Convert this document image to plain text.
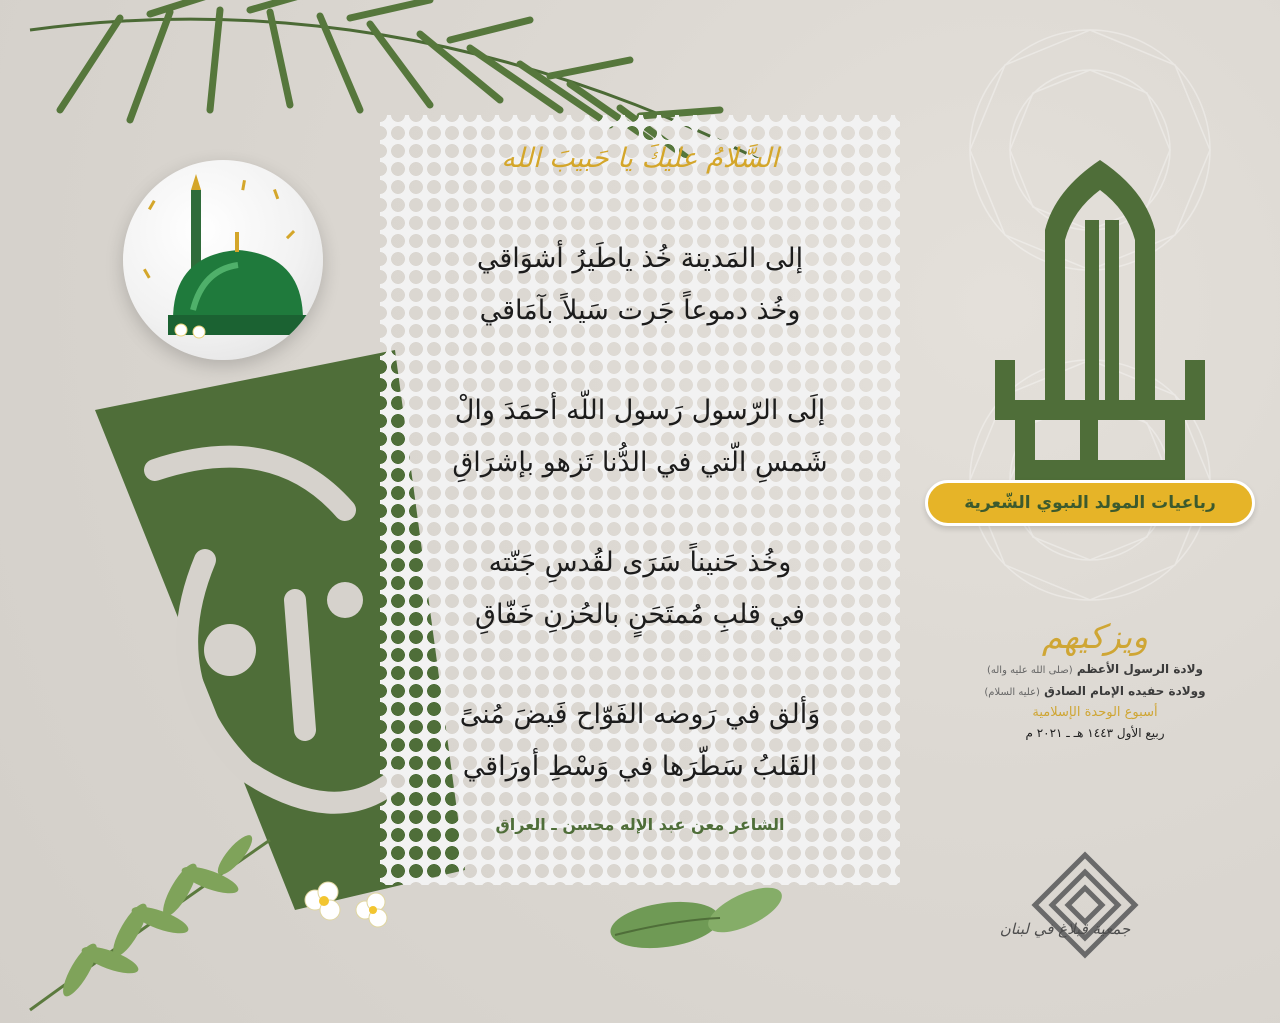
السَّلامُ عليكَ يا حَبيبَ الله
إلى المَدينة خُذ ياطَيرُ أشوَاقي
وخُذ دموعاً جَرت سَيلاً بآمَاقي
إلَى الرّسول رَسول اللّه أحمَدَ والْ
شَمسِ الّتي في الدُّنا تَزهو بإشرَاقِ
وخُذ حَنيناً سَرَى لقُدسِ جَنّته
في قلبِ مُمتَحَنٍ بالحُزنِ خَفّاقِ
وَألق في رَوضه الفَوّاح فَيضَ مُنىً
القَلبُ سَطّرَها في وَسْطِ أورَاقي
الشاعر معن عبد الإله محسن ـ العراق
رباعيات المولد النبوي الشّعرية
ويزكيهم
ولادة الرسول الأعظم (صلى الله عليه واله)
وولادة حفيده الإمام الصادق (عليه السلام)
أسبوع الوحدة الإسلامية
ربيع الأول ١٤٤٣ هـ ـ ٢٠٢١ م
جمعية قبلاغ في لبنان
